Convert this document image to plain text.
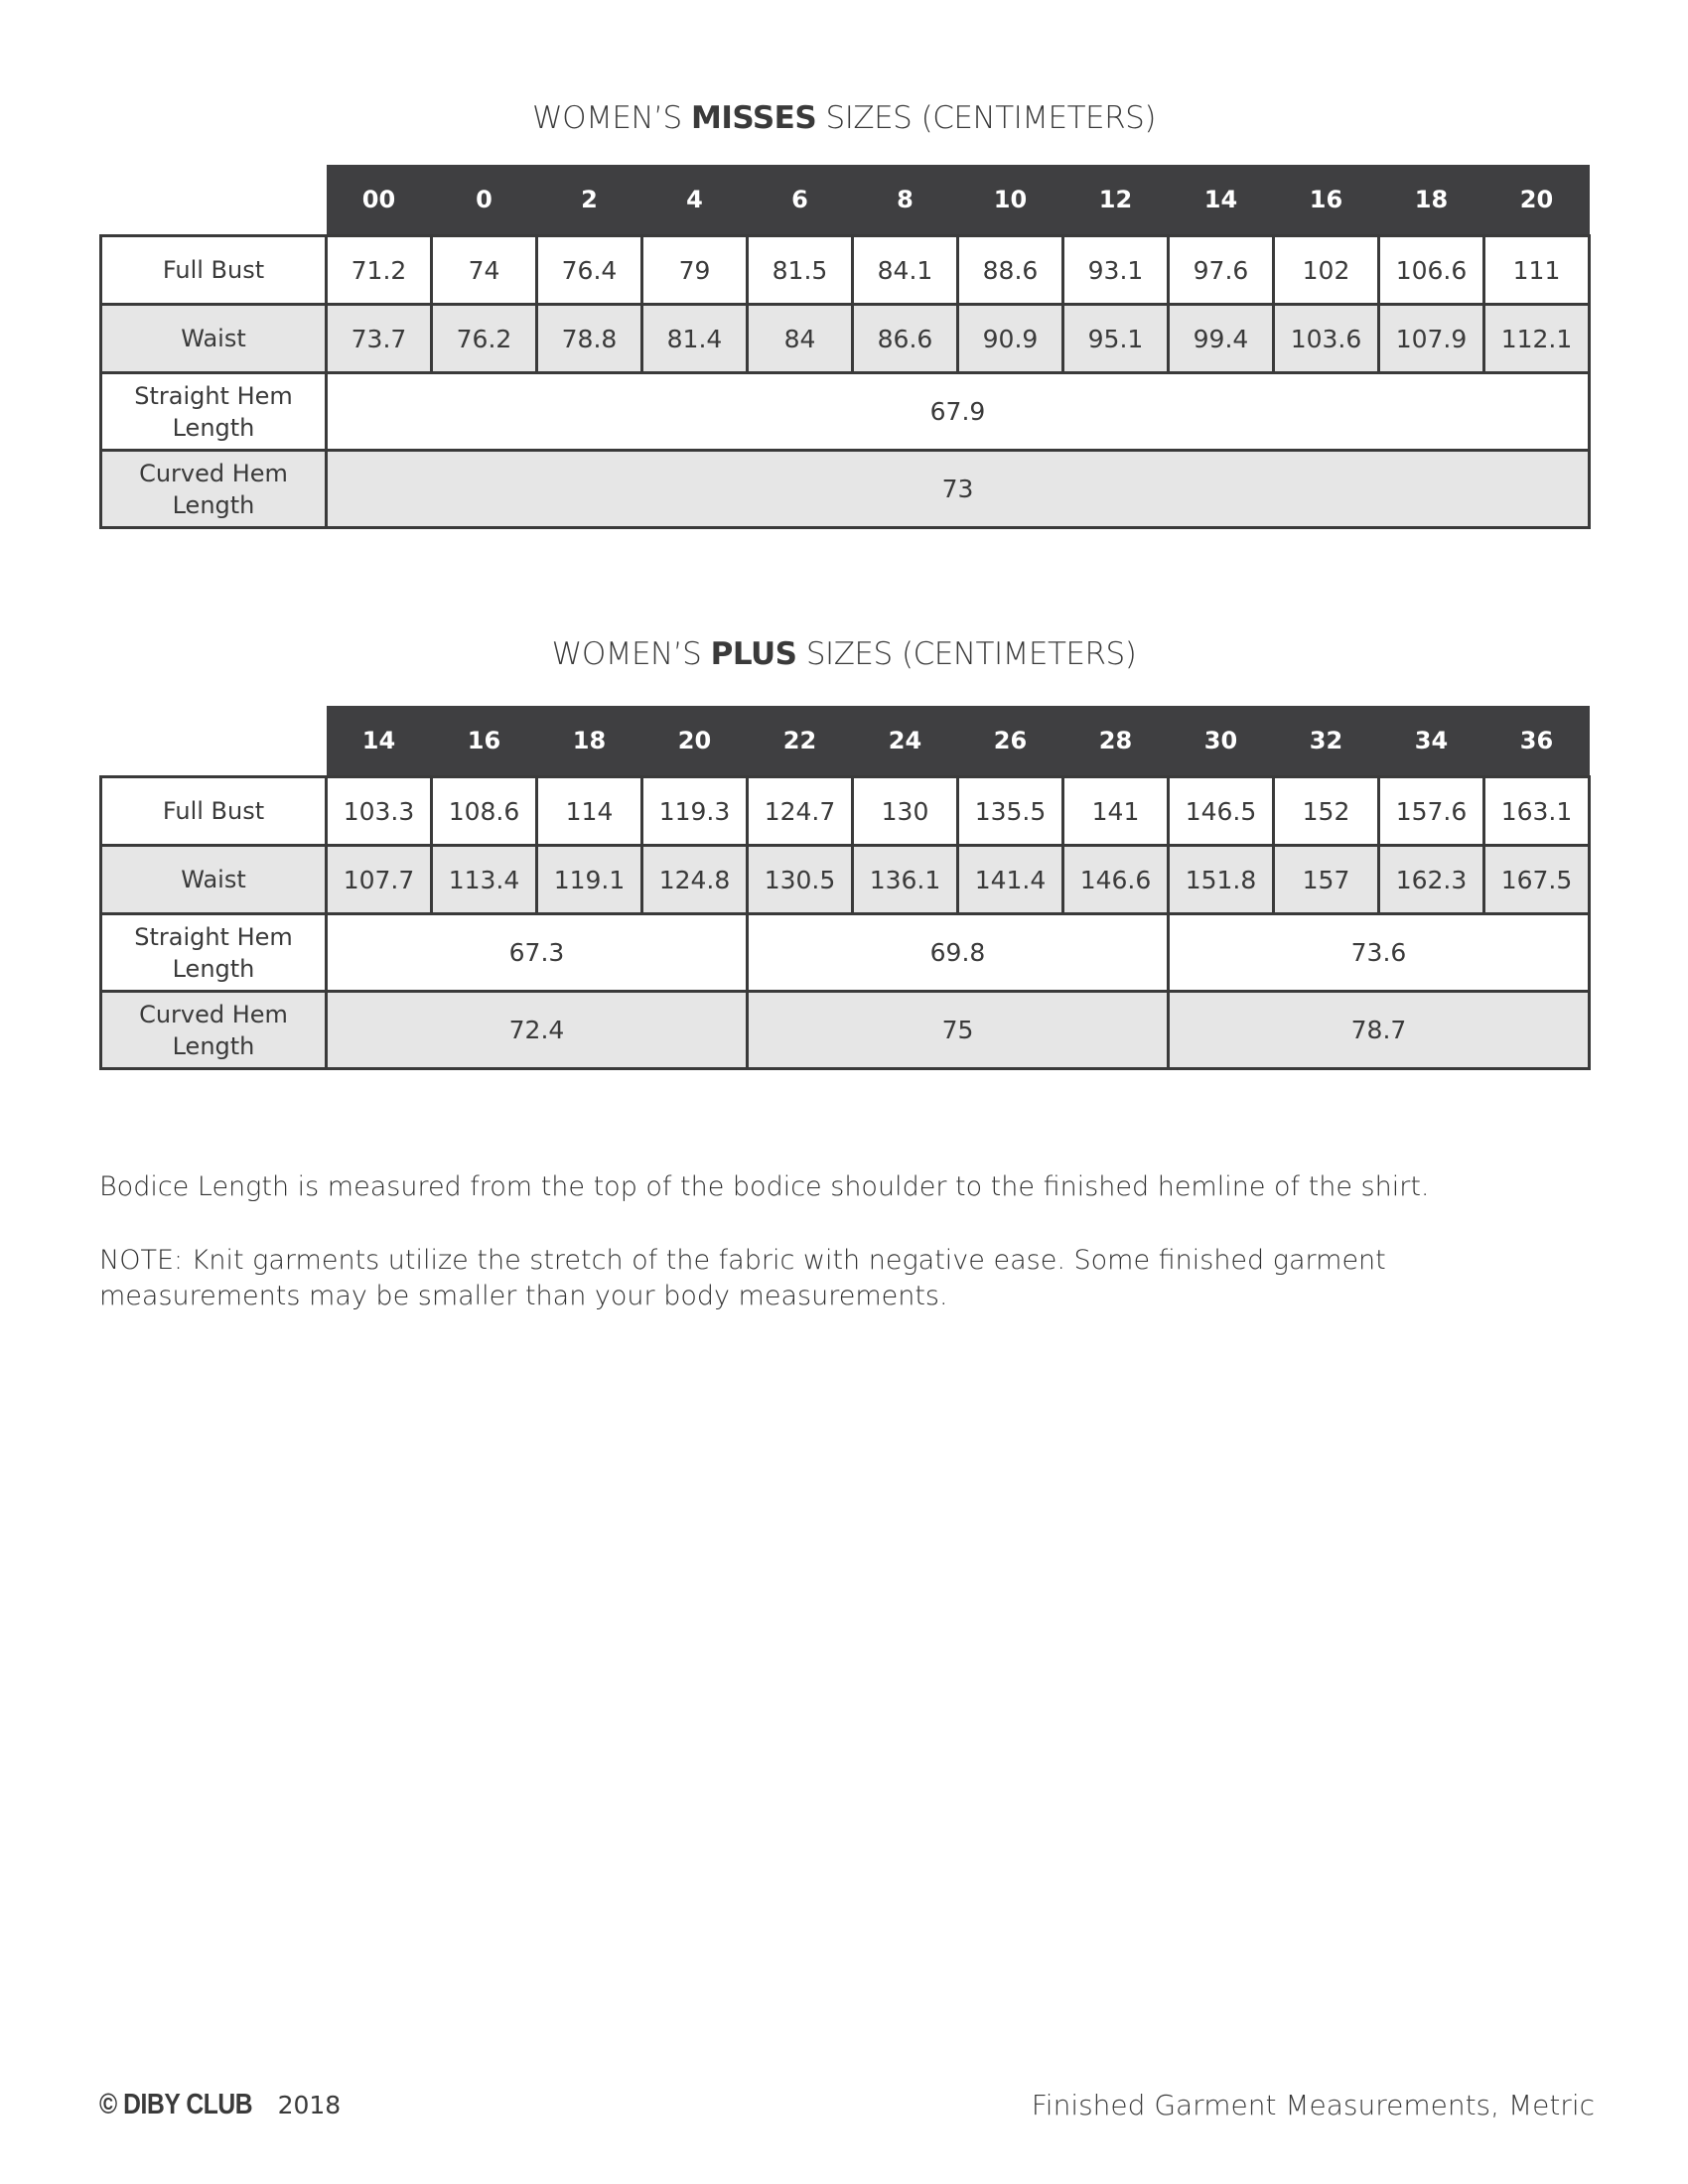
WOMEN’S MISSES SIZES (CENTIMETERS)
	00	0	2	4	6	8	10	12	14	16	18	20
Full Bust	71.2	74	76.4	79	81.5	84.1	88.6	93.1	97.6	102	106.6	111
Waist	73.7	76.2	78.8	81.4	84	86.6	90.9	95.1	99.4	103.6	107.9	112.1
Straight Hem
Length	67.9											
Curved Hem
Length	73											
WOMEN’S PLUS SIZES (CENTIMETERS)
	14	16	18	20	22	24	26	28	30	32	34	36
Full Bust	103.3	108.6	114	119.3	124.7	130	135.5	141	146.5	152	157.6	163.1
Waist	107.7	113.4	119.1	124.8	130.5	136.1	141.4	146.6	151.8	157	162.3	167.5
Straight Hem
Length	67.3				69.8				73.6			
Curved Hem
Length	72.4				75				78.7			
Bodice Length is measured from the top of the bodice shoulder to the finished hemline of the shirt.
NOTE: Knit garments utilize the stretch of the fabric with negative ease. Some finished garment
measurements may be smaller than your body measurements.
© DIBY CLUB 2018	Finished Garment Measurements, Metric
